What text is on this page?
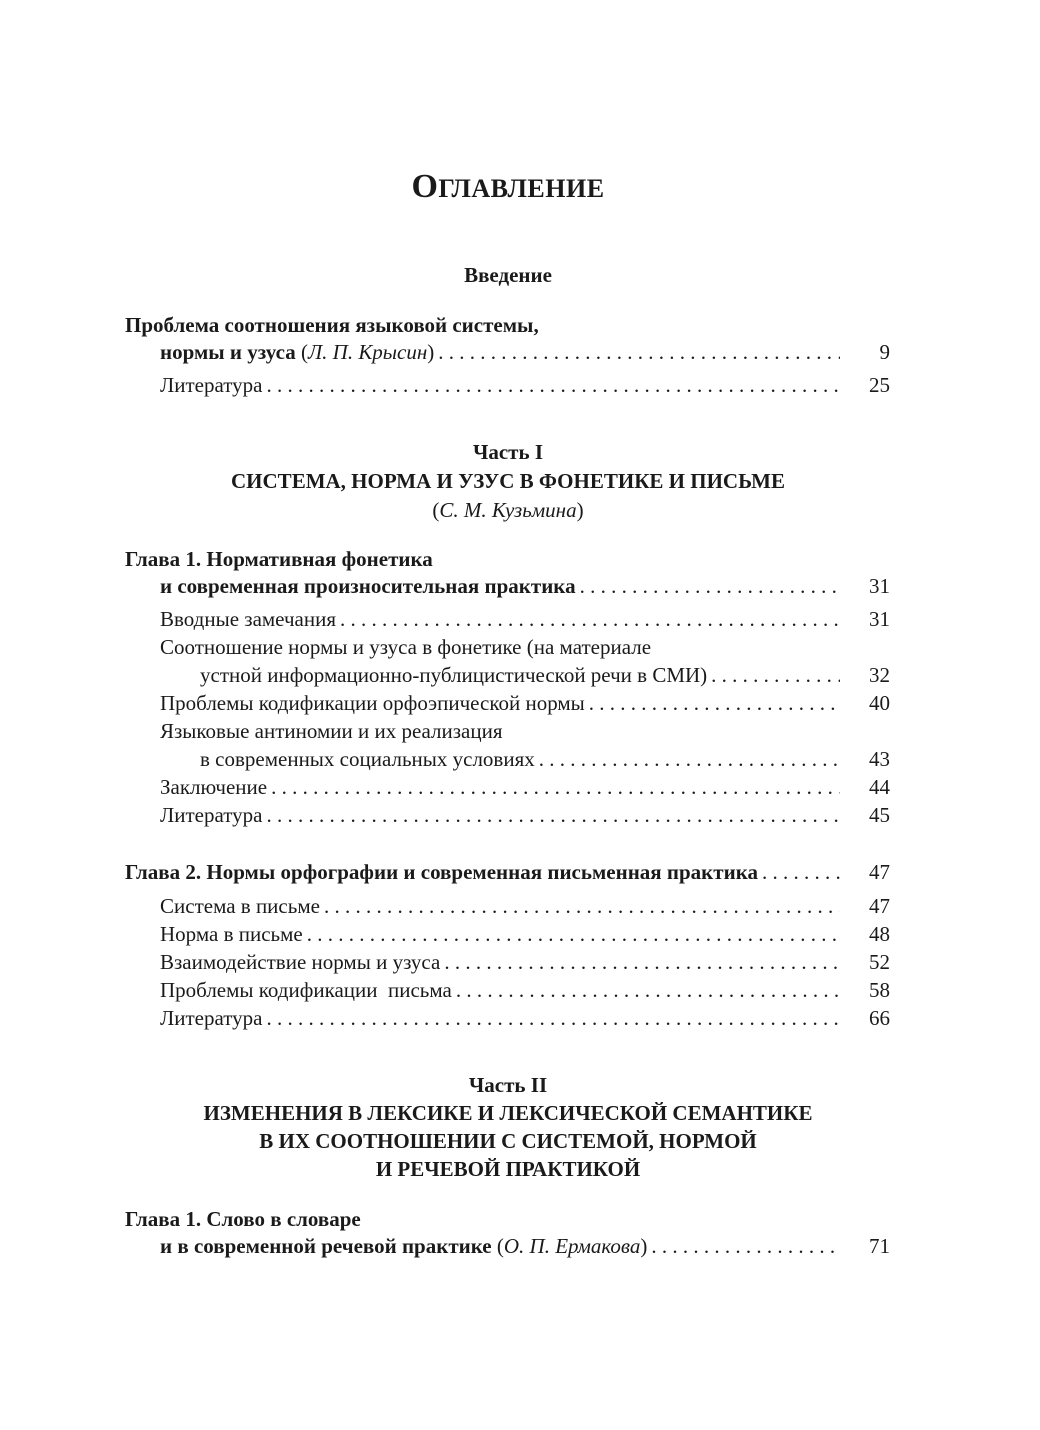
ОГЛАВЛЕНИЕ
Введение
Проблема соотношения языковой системы,
нормы и узуса (Л. П. Крысин) . . .	9
Литература . . .	25
Часть I
СИСТЕМА, НОРМА И УЗУС В ФОНЕТИКЕ И ПИСЬМЕ
(С. М. Кузьмина)
Глава 1. Нормативная фонетика
и современная произносительная практика . . .	31
Вводные замечания . . .	31
Соотношение нормы и узуса в фонетике (на материале
устной информационно-публицистической речи в СМИ) . . .	32
Проблемы кодификации орфоэпической нормы . . .	40
Языковые антиномии и их реализация
в современных социальных условиях . . .	43
Заключение . . .	44
Литература . . .	45
Глава 2. Нормы орфографии и современная письменная практика . . .	47
Система в письме . . .	47
Норма в письме . . .	48
Взаимодействие нормы и узуса . . .	52
Проблемы кодификации  письма . . .	58
Литература . . .	66
Часть II
ИЗМЕНЕНИЯ В ЛЕКСИКЕ И ЛЕКСИЧЕСКОЙ СЕМАНТИКЕ
В ИХ СООТНОШЕНИИ С СИСТЕМОЙ, НОРМОЙ
И РЕЧЕВОЙ ПРАКТИКОЙ
Глава 1. Слово в словаре
и в современной речевой практике (О. П. Ермакова) . . .	71
